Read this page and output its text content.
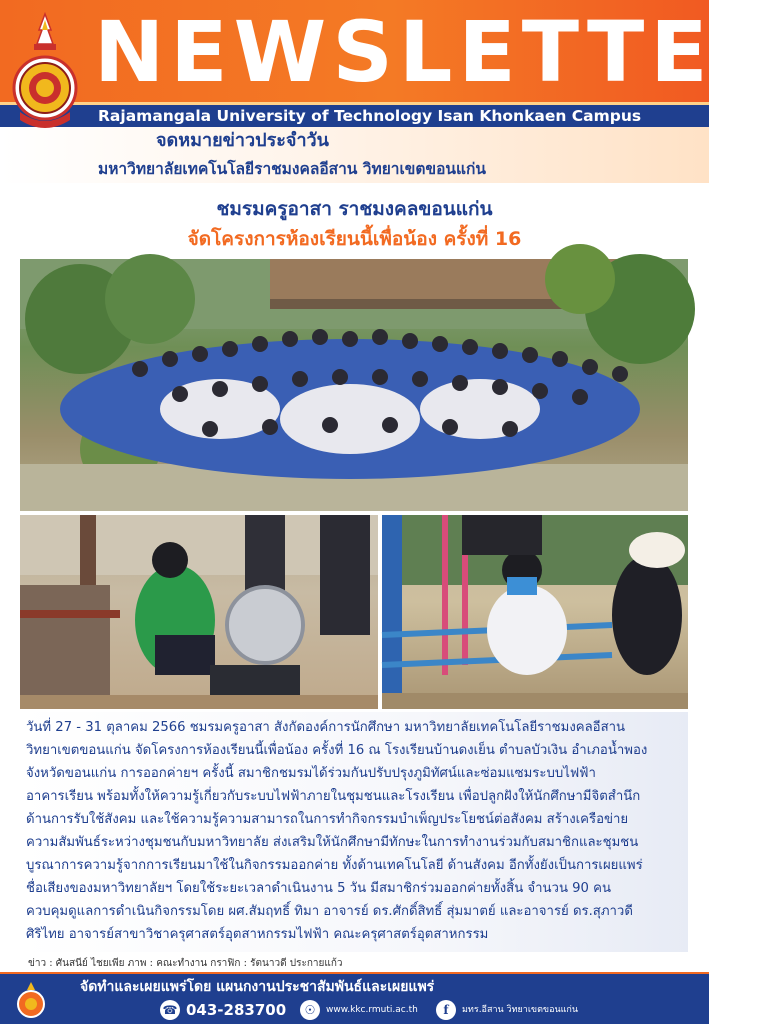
NEWSLETTER
Rajamangala University of Technology Isan Khonkaen Campus
จดหมายข่าวประจำวัน
มหาวิทยาลัยเทคโนโลยีราชมงคลอีสาน วิทยาเขตขอนแก่น
ชมรมครูอาสา ราชมงคลขอนแก่น
จัดโครงการห้องเรียนนี้เพื่อน้อง ครั้งที่ 16
วันที่ 27 - 31 ตุลาคม 2566 ชมรมครูอาสา สังกัดองค์การนักศึกษา มหาวิทยาลัยเทคโนโลยีราชมงคลอีสาน
วิทยาเขตขอนแก่น จัดโครงการห้องเรียนนี้เพื่อน้อง ครั้งที่ 16 ณ โรงเรียนบ้านดงเย็น ตำบลบัวเงิน อำเภอน้ำพอง
จังหวัดขอนแก่น การออกค่ายฯ ครั้งนี้ สมาชิกชมรมได้ร่วมกันปรับปรุงภูมิทัศน์และซ่อมแซมระบบไฟฟ้า
อาคารเรียน พร้อมทั้งให้ความรู้เกี่ยวกับระบบไฟฟ้าภายในชุมชนและโรงเรียน เพื่อปลูกฝังให้นักศึกษามีจิตสำนึก
ด้านการรับใช้สังคม และใช้ความรู้ความสามารถในการทำกิจกรรมบำเพ็ญประโยชน์ต่อสังคม สร้างเครือข่าย
ความสัมพันธ์ระหว่างชุมชนกับมหาวิทยาลัย ส่งเสริมให้นักศึกษามีทักษะในการทำงานร่วมกับสมาชิกและชุมชน
บูรณาการความรู้จากการเรียนมาใช้ในกิจกรรมออกค่าย ทั้งด้านเทคโนโลยี ด้านสังคม อีกทั้งยังเป็นการเผยแพร่
ชื่อเสียงของมหาวิทยาลัยฯ โดยใช้ระยะเวลาดำเนินงาน 5 วัน มีสมาชิกร่วมออกค่ายทั้งสิ้น จำนวน 90 คน
ควบคุมดูแลการดำเนินกิจกรรมโดย ผศ.สัมฤทธิ์ ทิมา อาจารย์ ดร.ศักดิ์สิทธิ์ สุ่มมาตย์ และอาจารย์ ดร.สุภาวดี
ศิริไทย อาจารย์สาขาวิชาครุศาสตร์อุตสาหกรรมไฟฟ้า คณะครุศาสตร์อุตสาหกรรม
ข่าว : ศันสนีย์ ไชยเพีย ภาพ : คณะทำงาน กราฟิก : รัตนาวดี ประกายแก้ว
จัดทำและเผยแพร่โดย แผนกงานประชาสัมพันธ์และเผยแพร่
☎ 043-283700	☉	www.kkc.rmuti.ac.th	f	มทร.อีสาน วิทยาเขตขอนแก่น
